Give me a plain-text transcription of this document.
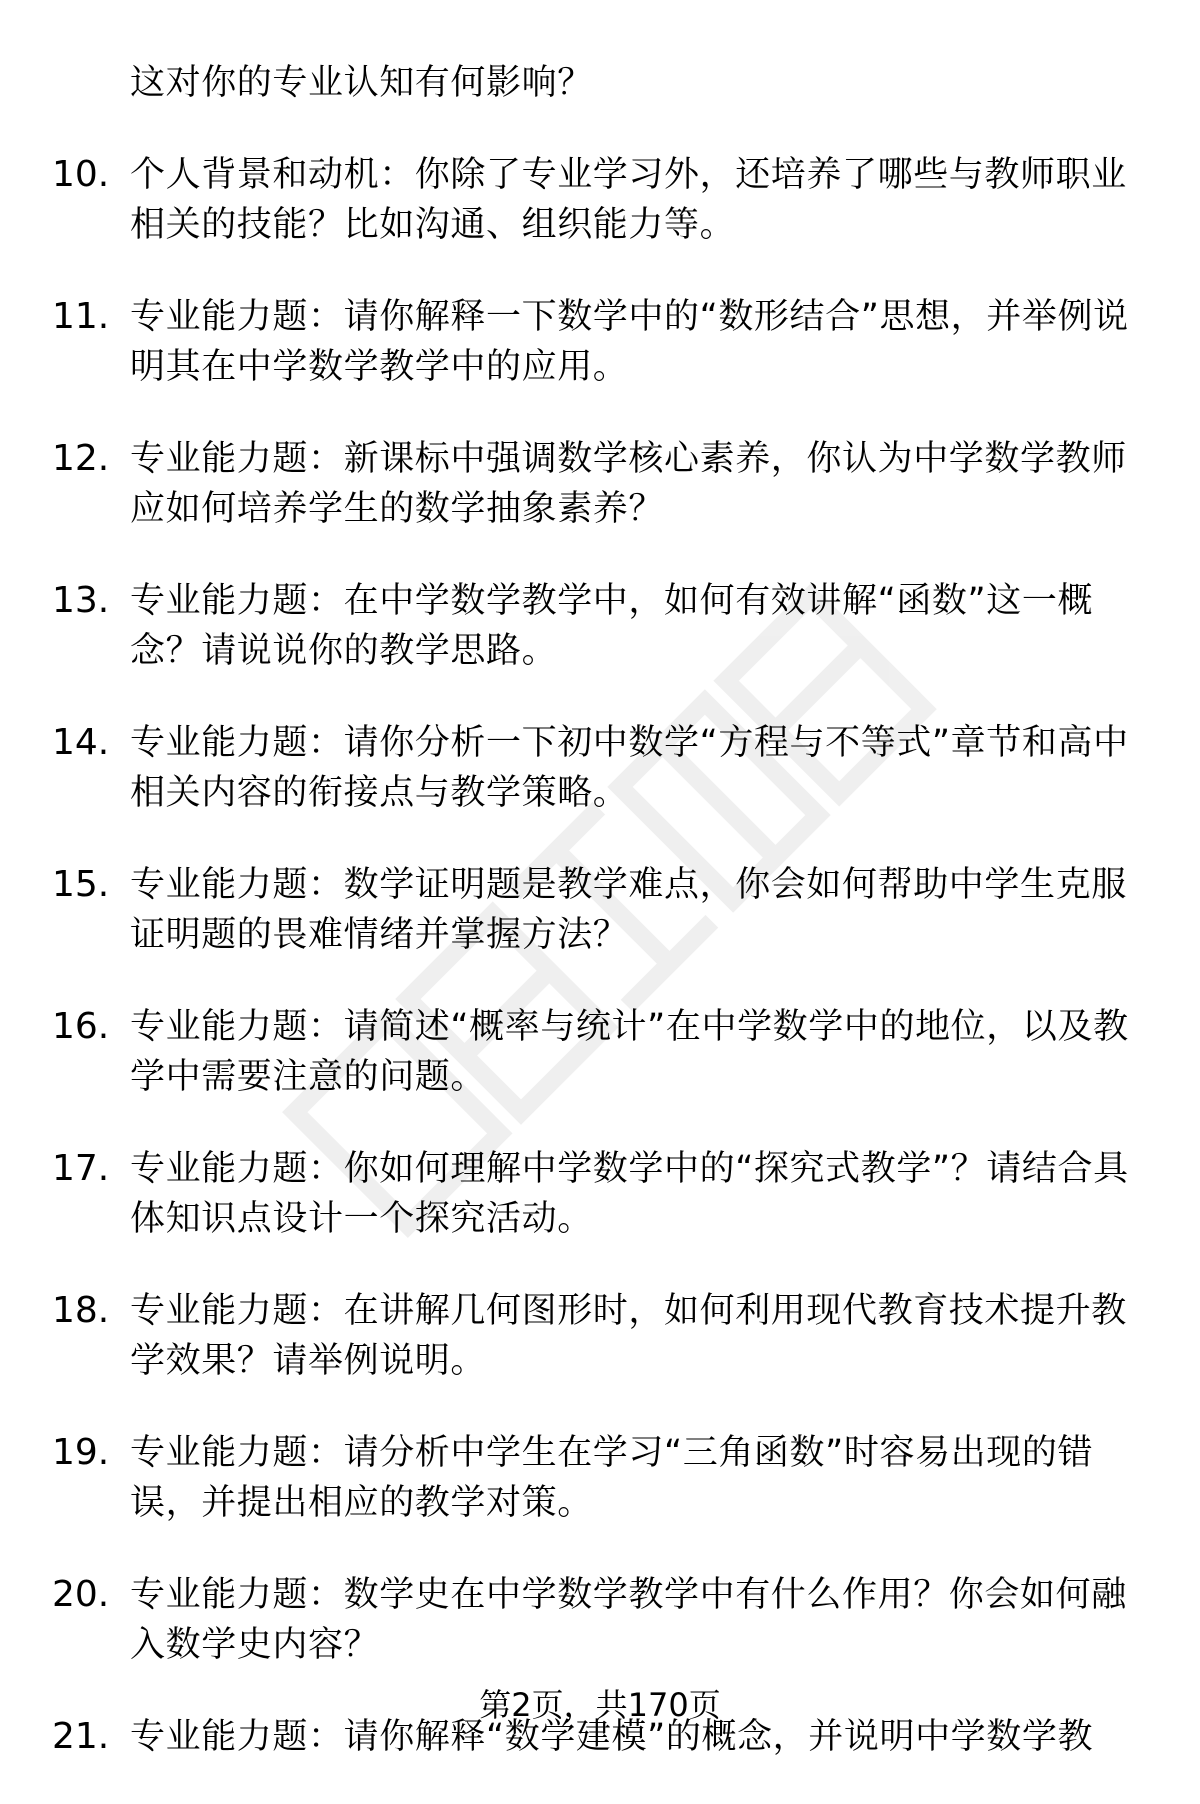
这对你的专业认知有何影响？
10. 个人背景和动机：你除了专业学习外，还培养了哪些与教师职业相关的技能？比如沟通、组织能力等。
11. 专业能力题：请你解释一下数学中的“数形结合”思想，并举例说明其在中学数学教学中的应用。
12. 专业能力题：新课标中强调数学核心素养，你认为中学数学教师应如何培养学生的数学抽象素养？
13. 专业能力题：在中学数学教学中，如何有效讲解“函数”这一概念？请说说你的教学思路。
14. 专业能力题：请你分析一下初中数学“方程与不等式”章节和高中相关内容的衔接点与教学策略。
15. 专业能力题：数学证明题是教学难点，你会如何帮助中学生克服证明题的畏难情绪并掌握方法？
16. 专业能力题：请简述“概率与统计”在中学数学中的地位，以及教学中需要注意的问题。
17. 专业能力题：你如何理解中学数学中的“探究式教学”？请结合具体知识点设计一个探究活动。
18. 专业能力题：在讲解几何图形时，如何利用现代教育技术提升教学效果？请举例说明。
19. 专业能力题：请分析中学生在学习“三角函数”时容易出现的错误，并提出相应的教学对策。
20. 专业能力题：数学史在中学数学教学中有什么作用？你会如何融入数学史内容？
21. 专业能力题：请你解释“数学建模”的概念，并说明中学数学教
第2页，共170页
